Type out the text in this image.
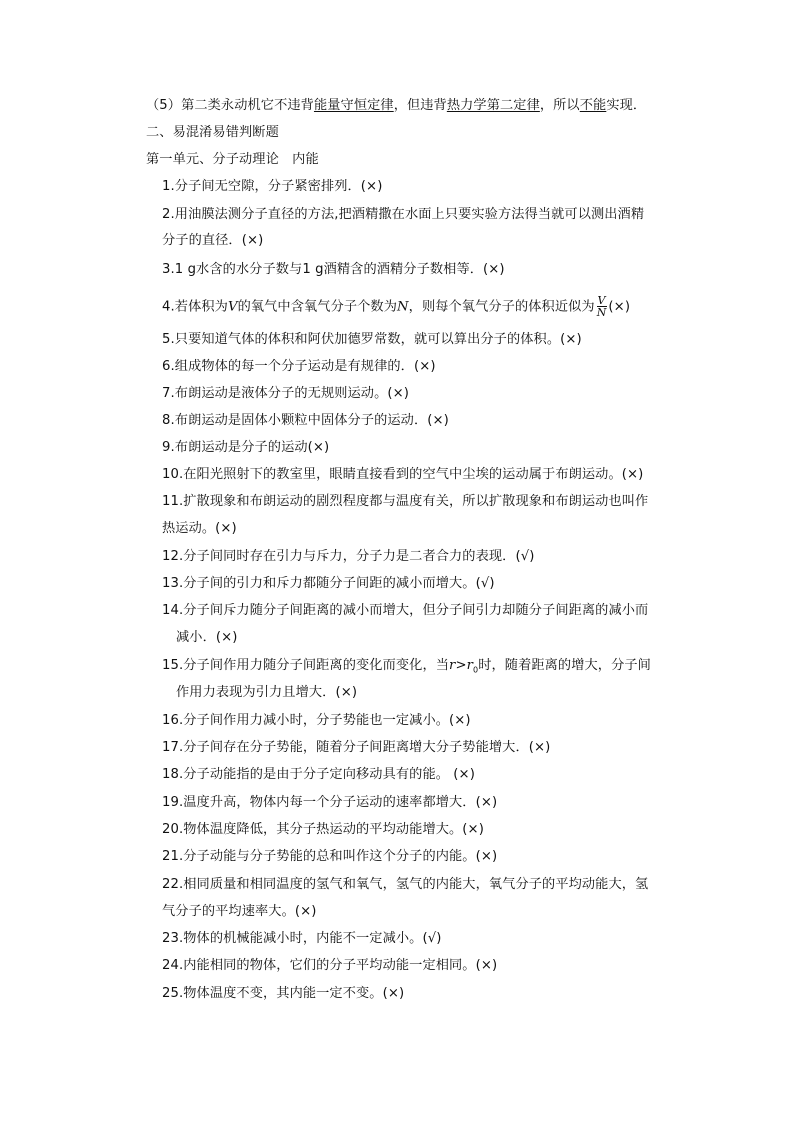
（5）第二类永动机它不违背能量守恒定律，但违背热力学第二定律，所以不能实现．
二、易混淆易错判断题
第一单元、分子动理论　内能
1.分子间无空隙，分子紧密排列．(×)
2.用油膜法测分子直径的方法,把酒精撒在水面上只要实验方法得当就可以测出酒精
分子的直径．(×)
3.1 g水含的水分子数与1 g酒精含的酒精分子数相等．(×)
4.若体积为V的氧气中含氧气分子个数为N，则每个氧气分子的体积近似为 $\frac{V}{N}$ (×)
5.只要知道气体的体积和阿伏加德罗常数，就可以算出分子的体积。(×)
6.组成物体的每一个分子运动是有规律的．(×)
7.布朗运动是液体分子的无规则运动。(×)
8.布朗运动是固体小颗粒中固体分子的运动．(×)
9.布朗运动是分子的运动(×)
10.在阳光照射下的教室里，眼睛直接看到的空气中尘埃的运动属于布朗运动。(×)
11.扩散现象和布朗运动的剧烈程度都与温度有关，所以扩散现象和布朗运动也叫作
热运动。(×)
12.分子间同时存在引力与斥力，分子力是二者合力的表现．(√)
13.分子间的引力和斥力都随分子间距的减小而增大。(√)
14.分子间斥力随分子间距离的减小而增大，但分子间引力却随分子间距离的减小而
减小．(×)
15.分子间作用力随分子间距离的变化而变化，当$r>r_0$时，随着距离的增大，分子间
作用力表现为引力且增大．(×)
16.分子间作用力减小时，分子势能也一定减小。(×)
17.分子间存在分子势能，随着分子间距离增大分子势能增大．(×)
18.分子动能指的是由于分子定向移动具有的能。 (×)
19.温度升高，物体内每一个分子运动的速率都增大．(×)
20.物体温度降低，其分子热运动的平均动能增大。(×)
21.分子动能与分子势能的总和叫作这个分子的内能。(×)
22.相同质量和相同温度的氢气和氧气，氢气的内能大，氧气分子的平均动能大，氢
气分子的平均速率大。(×)
23.物体的机械能减小时，内能不一定减小。(√)
24.内能相同的物体，它们的分子平均动能一定相同。(×)
25.物体温度不变，其内能一定不变。(×)
